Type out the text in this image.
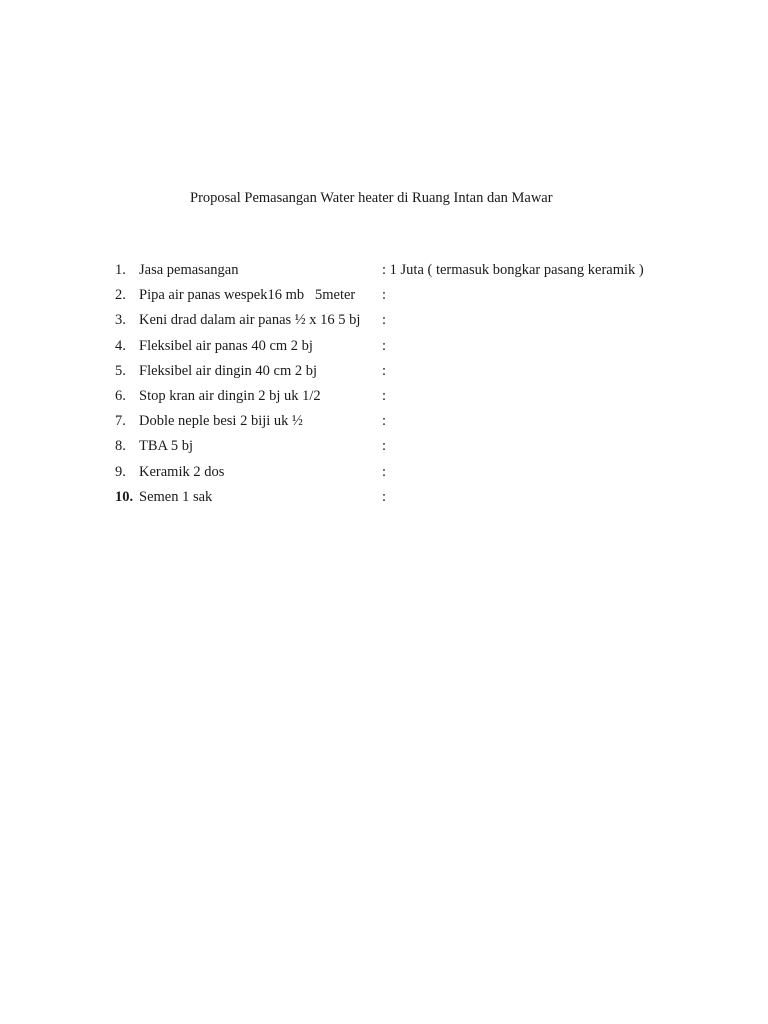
Proposal Pemasangan Water heater di Ruang Intan dan Mawar
1. Jasa pemasangan	: 1 Juta ( termasuk bongkar pasang keramik )
2. Pipa air panas wespek16 mb   5meter :
3. Keni drad dalam air panas ½ x 16 5 bj :
4. Fleksibel air panas 40 cm 2 bj	:
5. Fleksibel air dingin 40 cm 2 bj	:
6. Stop kran air dingin 2 bj uk 1/2	:
7. Doble neple besi 2 biji uk ½	:
8. TBA 5 bj	:
9. Keramik 2 dos	:
10. Semen 1 sak	:
